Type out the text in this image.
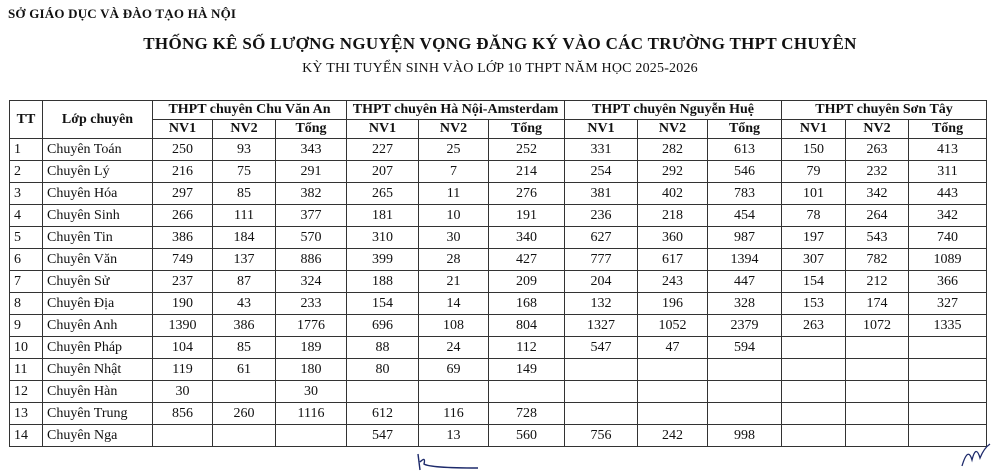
SỞ GIÁO DỤC VÀ ĐÀO TẠO HÀ NỘI
THỐNG KÊ SỐ LƯỢNG NGUYỆN VỌNG ĐĂNG KÝ VÀO CÁC TRƯỜNG THPT CHUYÊN
KỲ THI TUYỂN SINH VÀO LỚP 10 THPT NĂM HỌC 2025-2026
TT	Lớp chuyên	THPT chuyên Chu Văn An			THPT chuyên Hà Nội-Amsterdam			THPT chuyên Nguyễn Huệ			THPT chuyên Sơn Tây		
		NV1	NV2	Tổng	NV1	NV2	Tổng	NV1	NV2	Tổng	NV1	NV2	Tổng
1	Chuyên Toán	250	93	343	227	25	252	331	282	613	150	263	413
2	Chuyên Lý	216	75	291	207	7	214	254	292	546	79	232	311
3	Chuyên Hóa	297	85	382	265	11	276	381	402	783	101	342	443
4	Chuyên Sinh	266	111	377	181	10	191	236	218	454	78	264	342
5	Chuyên Tin	386	184	570	310	30	340	627	360	987	197	543	740
6	Chuyên Văn	749	137	886	399	28	427	777	617	1394	307	782	1089
7	Chuyên Sử	237	87	324	188	21	209	204	243	447	154	212	366
8	Chuyên Địa	190	43	233	154	14	168	132	196	328	153	174	327
9	Chuyên Anh	1390	386	1776	696	108	804	1327	1052	2379	263	1072	1335
10	Chuyên Pháp	104	85	189	88	24	112	547	47	594			
11	Chuyên Nhật	119	61	180	80	69	149						
12	Chuyên Hàn	30		30									
13	Chuyên Trung	856	260	1116	612	116	728						
14	Chuyên Nga				547	13	560	756	242	998			
